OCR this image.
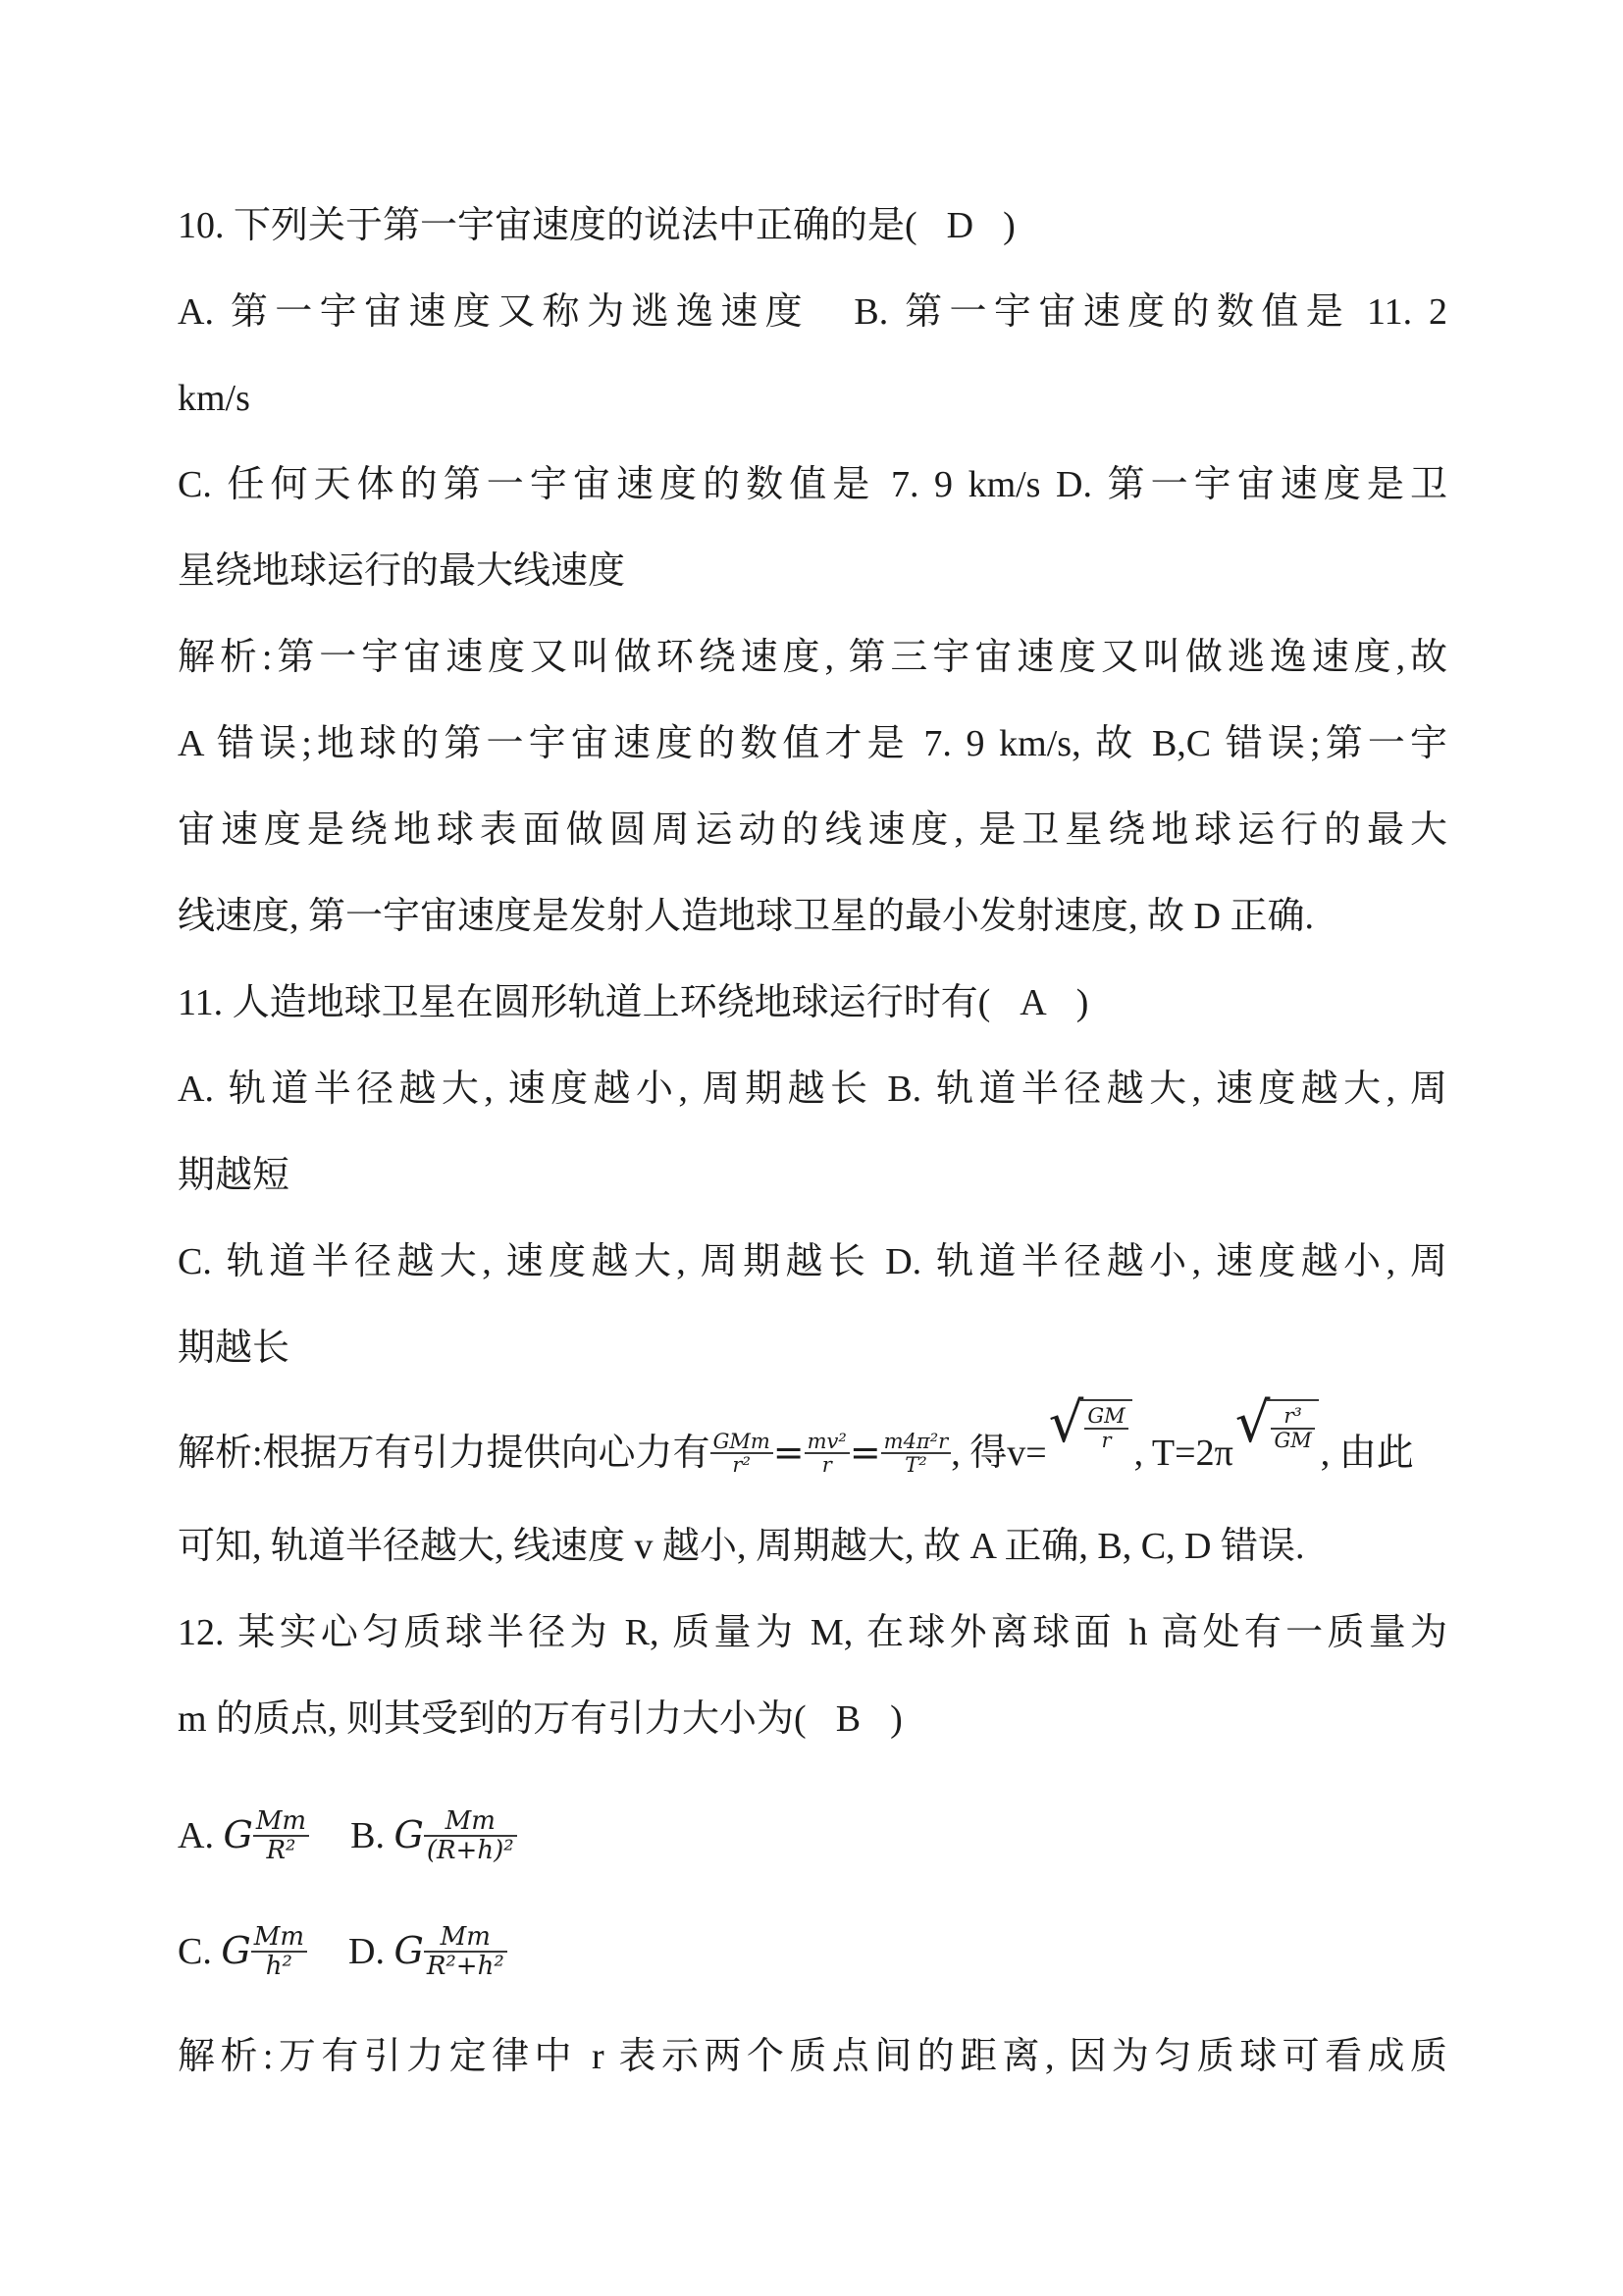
10. 下列关于第一宇宙速度的说法中正确的是( D )
A. 第一宇宙速度又称为逃逸速度　B. 第一宇宙速度的数值是 11. 2
km/s
C. 任何天体的第一宇宙速度的数值是 7. 9 km/s D. 第一宇宙速度是卫
星绕地球运行的最大线速度
解析:第一宇宙速度又叫做环绕速度, 第三宇宙速度又叫做逃逸速度,故
A 错误;地球的第一宇宙速度的数值才是 7. 9 km/s, 故 B,C 错误;第一宇
宙速度是绕地球表面做圆周运动的线速度, 是卫星绕地球运行的最大
线速度, 第一宇宙速度是发射人造地球卫星的最小发射速度, 故 D 正确.
11. 人造地球卫星在圆形轨道上环绕地球运行时有( A )
A. 轨道半径越大, 速度越小, 周期越长 B. 轨道半径越大, 速度越大, 周
期越短
C. 轨道半径越大, 速度越大, 周期越长 D. 轨道半径越小, 速度越小, 周
期越长
解析:根据万有引力提供向心力有 $\frac{\text{GMm}}{\text{r²}} = \frac{\text{mv²}}{r} = \frac{\text{m4π²r}}{\text{T²}}$ , 得v= √ $\frac{GM}{r}$
, T=2π √ $\frac{\text{r³}}{GM}$
, 由此
可知, 轨道半径越大, 线速度 v 越小, 周期越大, 故 A 正确, B, C, D 错误.
12. 某实心匀质球半径为 R, 质量为 M, 在球外离球面 h 高处有一质量为
m 的质点, 则其受到的万有引力大小为( B )
A. G $\frac{Mm}{\text{R²}} B$. G $\frac{Mm}{\text{(R+h)²}}$
C. G $\frac{Mm}{\text{h²}} D$. G $\frac{Mm}{\text{R²+h²}}$
解析:万有引力定律中 r 表示两个质点间的距离, 因为匀质球可看成质
